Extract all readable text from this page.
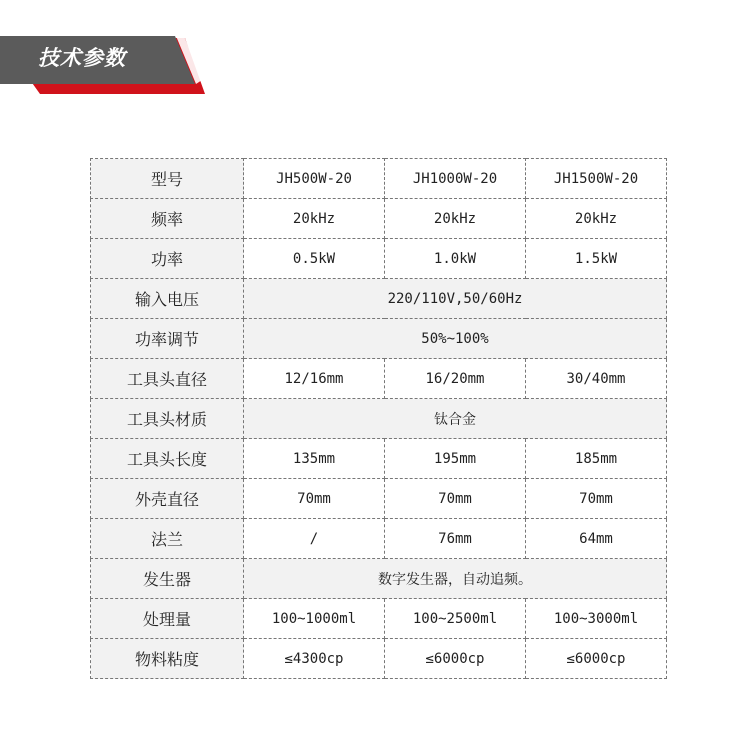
技术参数
型号	JH500W-20	JH1000W-20	JH1500W-20
频率	20kHz	20kHz	20kHz
功率	0.5kW	1.0kW	1.5kW
输入电压	220/110V,50/60Hz		
功率调节	50%~100%		
工具头直径	12/16mm	16/20mm	30/40mm
工具头材质	钛合金		
工具头长度	135mm	195mm	185mm
外壳直径	70mm	70mm	70mm
法兰	/	76mm	64mm
发生器	数字发生器，自动追频。		
处理量	100~1000ml	100~2500ml	100~3000ml
物料粘度	≤4300cp	≤6000cp	≤6000cp
